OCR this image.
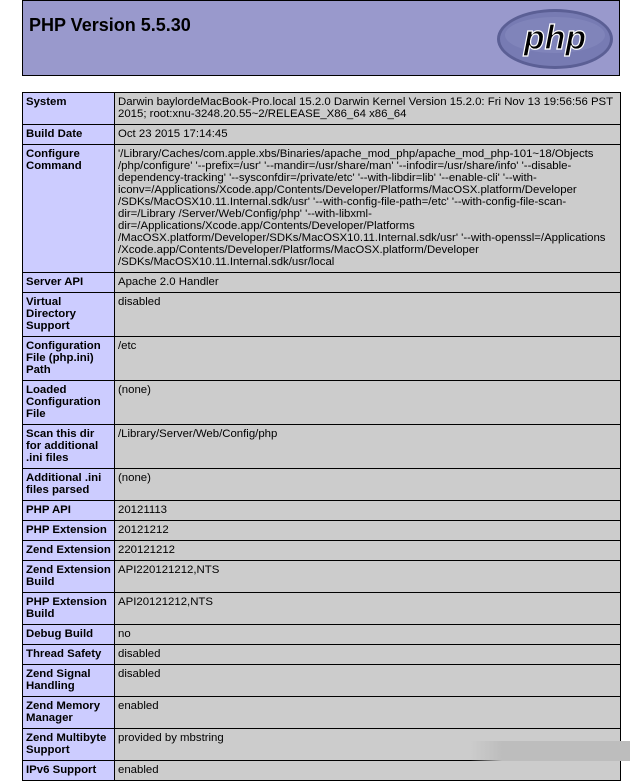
PHP Version 5.5.30	php
System	Darwin baylordeMacBook-Pro.local 15.2.0 Darwin Kernel Version 15.2.0: Fri Nov 13 19:56:56 PST 2015; root:xnu-3248.20.55~2/RELEASE_X86_64 x86_64
Build Date	Oct 23 2015 17:14:45
Configure Command	'/Library/Caches/com.apple.xbs/Binaries/apache_mod_php/apache_mod_php-101~18/Objects /php/configure' '--prefix=/usr' '--mandir=/usr/share/man' '--infodir=/usr/share/info' '--disable-dependency-tracking' '--sysconfdir=/private/etc' '--with-libdir=lib' '--enable-cli' '--with-iconv=/Applications/Xcode.app/Contents/Developer/Platforms/MacOSX.platform/Developer /SDKs/MacOSX10.11.Internal.sdk/usr' '--with-config-file-path=/etc' '--with-config-file-scan-dir=/Library /Server/Web/Config/php' '--with-libxml-dir=/Applications/Xcode.app/Contents/Developer/Platforms /MacOSX.platform/Developer/SDKs/MacOSX10.11.Internal.sdk/usr' '--with-openssl=/Applications /Xcode.app/Contents/Developer/Platforms/MacOSX.platform/Developer /SDKs/MacOSX10.11.Internal.sdk/usr/local
Server API	Apache 2.0 Handler
Virtual Directory Support	disabled
Configuration File (php.ini) Path	/etc
Loaded Configuration File	(none)
Scan this dir for additional .ini files	/Library/Server/Web/Config/php
Additional .ini files parsed	(none)
PHP API	20121113
PHP Extension	20121212
Zend Extension	220121212
Zend Extension Build	API220121212,NTS
PHP Extension Build	API20121212,NTS
Debug Build	no
Thread Safety	disabled
Zend Signal Handling	disabled
Zend Memory Manager	enabled
Zend Multibyte Support	provided by mbstring
IPv6 Support	enabled
